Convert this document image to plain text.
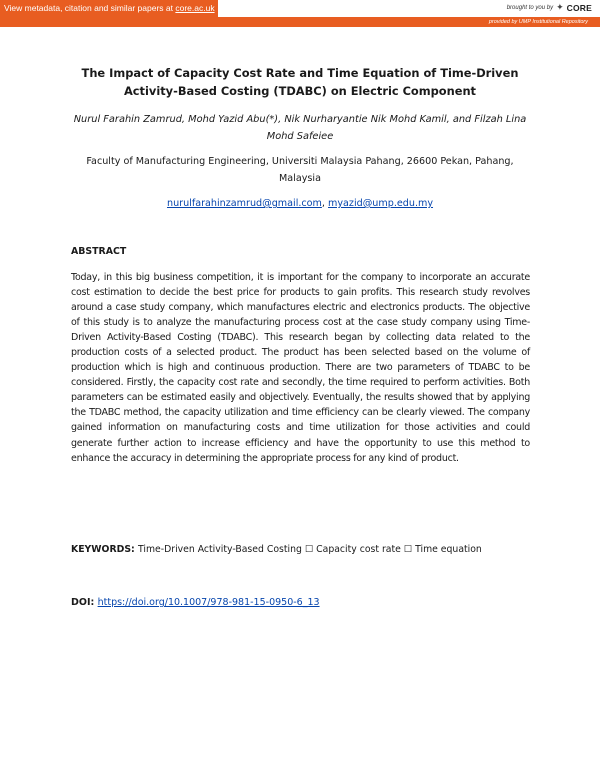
View metadata, citation and similar papers at core.ac.uk	brought to you by ✦ CORE
provided by UMP Institutional Repository
The Impact of Capacity Cost Rate and Time Equation of Time-Driven Activity-Based Costing (TDABC) on Electric Component
Nurul Farahin Zamrud, Mohd Yazid Abu(*), Nik Nurharyantie Nik Mohd Kamil, and Filzah Lina Mohd Safeiee
Faculty of Manufacturing Engineering, Universiti Malaysia Pahang, 26600 Pekan, Pahang, Malaysia
nurulfarahinzamrud@gmail.com, myazid@ump.edu.my
ABSTRACT

Today, in this big business competition, it is important for the company to incorporate an accurate cost estimation to decide the best price for products to gain profits. This research study revolves around a case study company, which manufactures electric and electronics products. The objective of this study is to analyze the manufacturing process cost at the case study company using Time-Driven Activity-Based Costing (TDABC). This research began by collecting data related to the production costs of a selected product. The product has been selected based on the volume of production which is high and continuous production. There are two parameters of TDABC to be considered. Firstly, the capacity cost rate and secondly, the time required to perform activities. Both parameters can be estimated easily and objectively. Eventually, the results showed that by applying the TDABC method, the capacity utilization and time efficiency can be clearly viewed. The company gained information on manufacturing costs and time utilization for those activities and could generate further action to increase efficiency and have the opportunity to use this method to enhance the accuracy in determining the appropriate process for any kind of product.

KEYWORDS: Time-Driven Activity-Based Costing ☐ Capacity cost rate ☐ Time equation
DOI: https://doi.org/10.1007/978-981-15-0950-6_13
